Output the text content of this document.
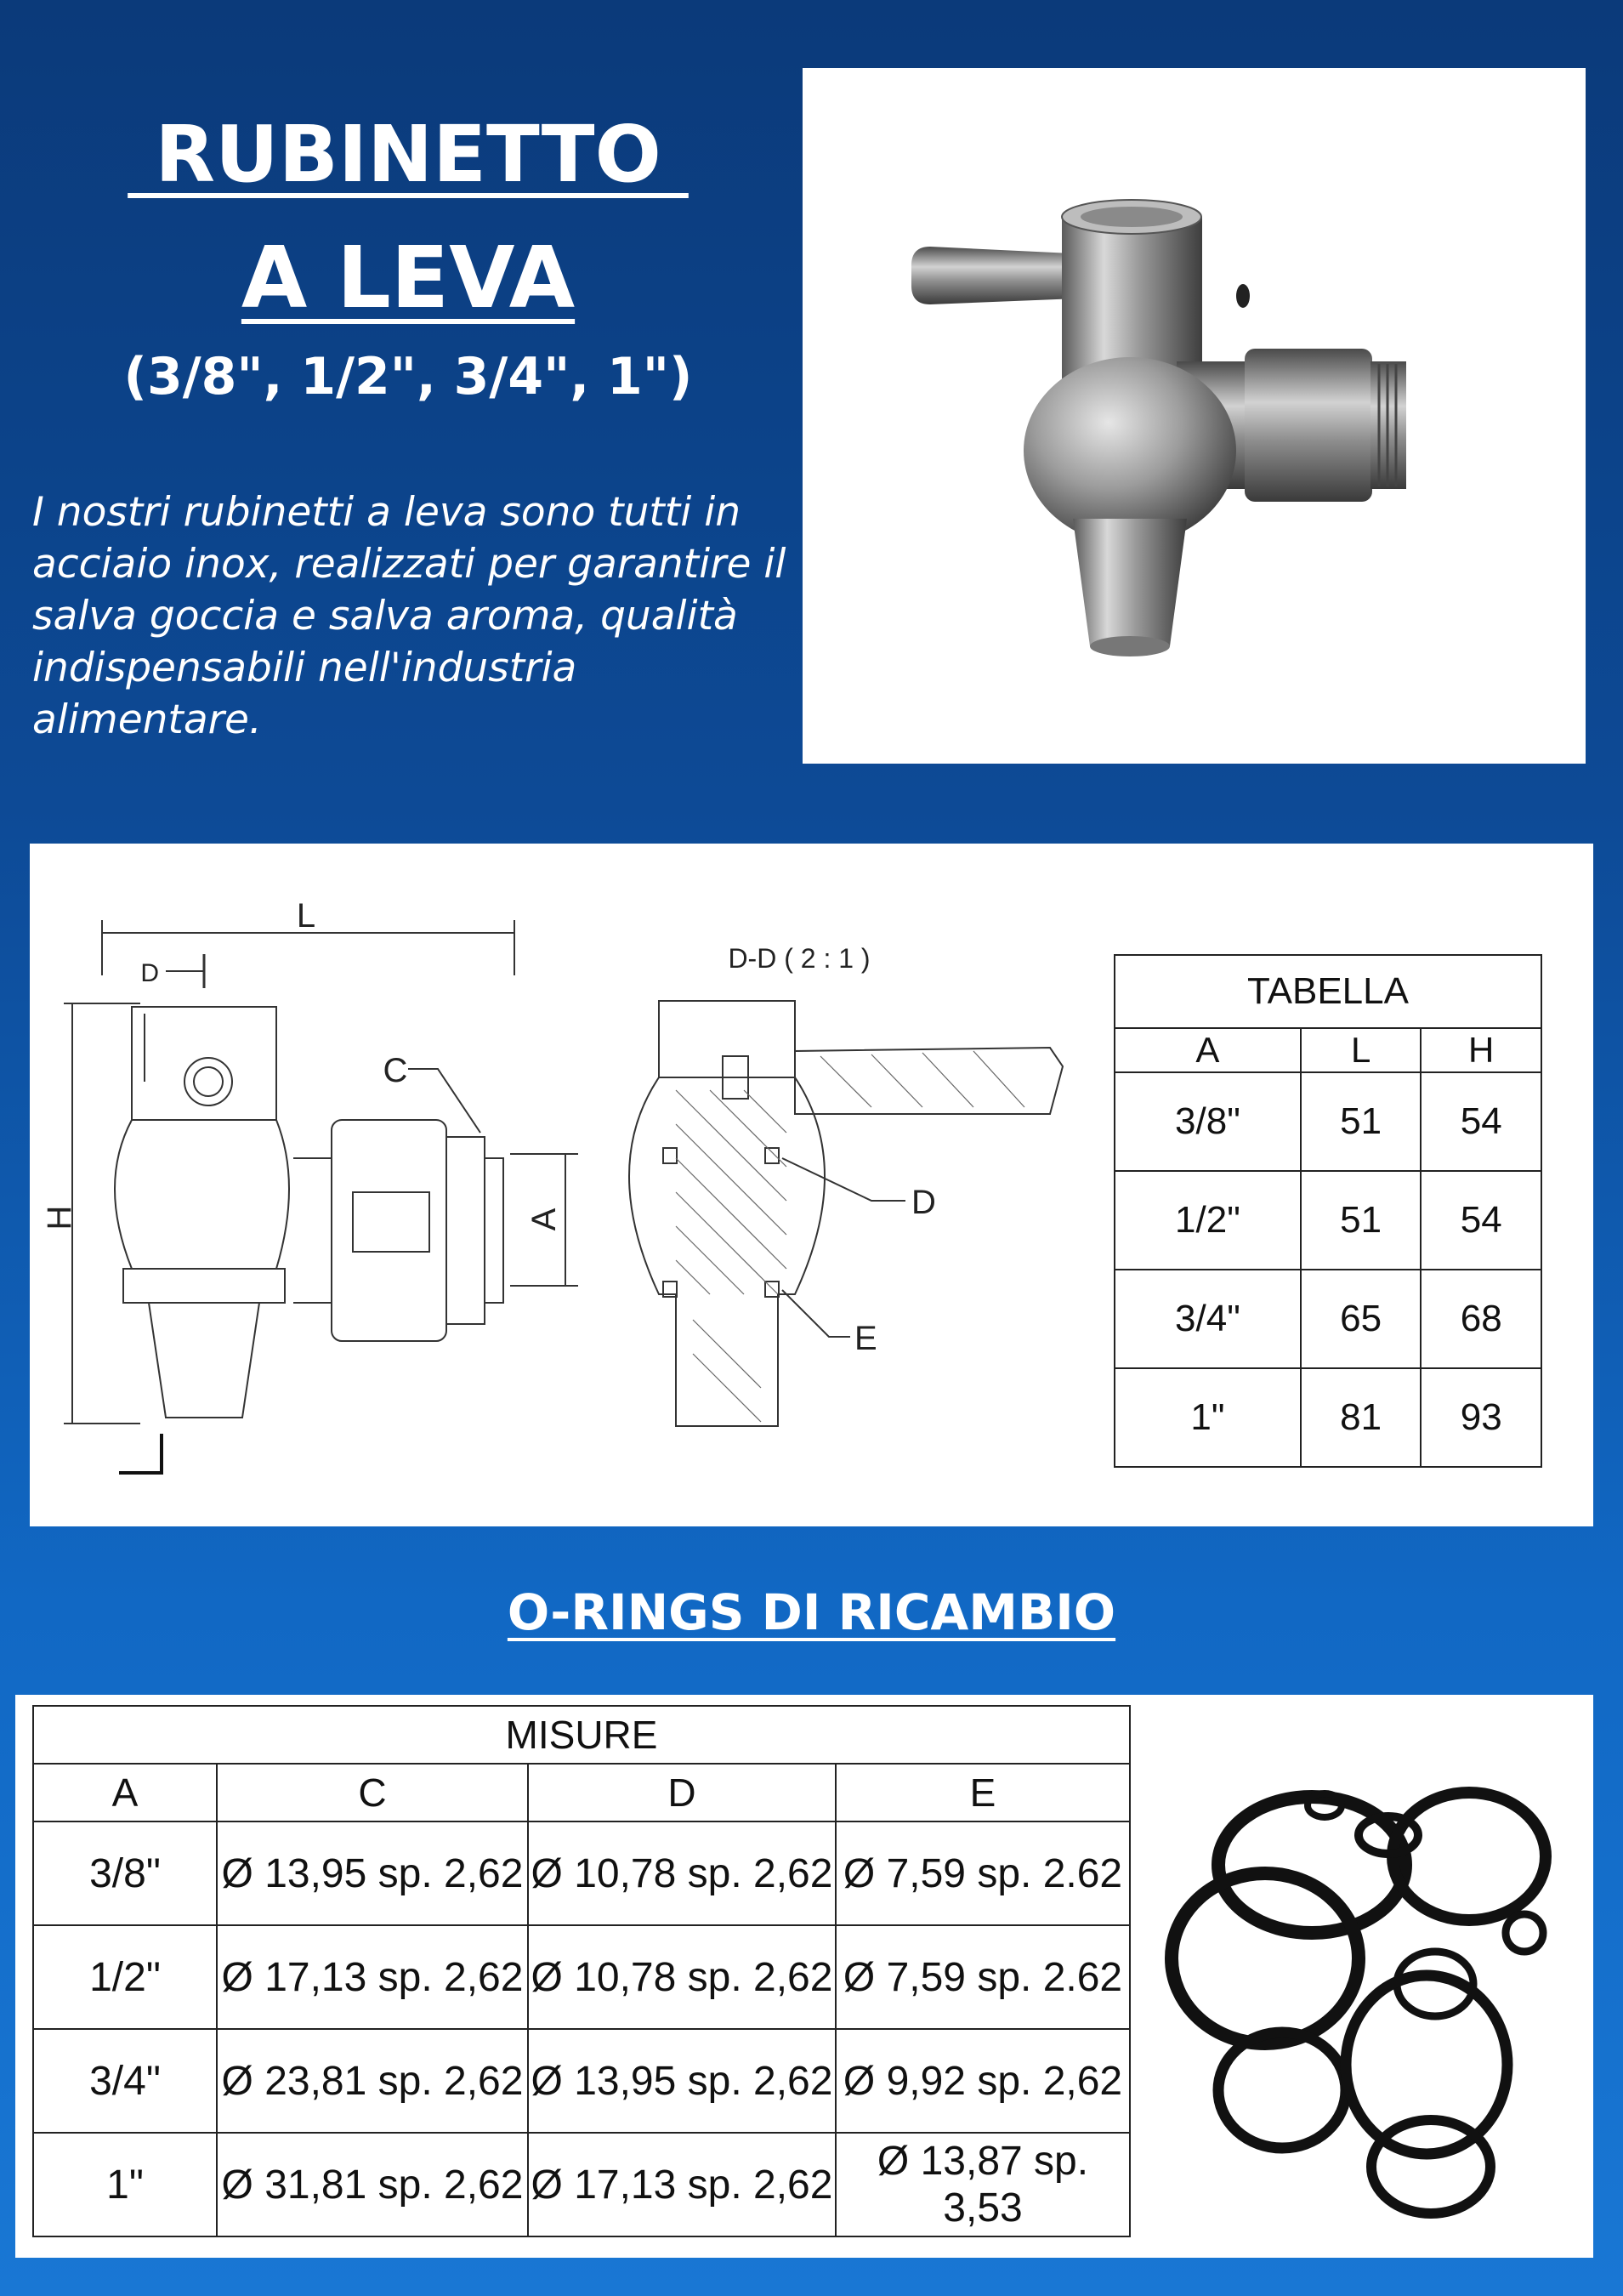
RUBINETTO
A LEVA
(3/8", 1/2", 3/4", 1")
I nostri rubinetti a leva sono tutti in acciaio inox, realizzati per garantire il salva goccia e salva aroma, qualità indispensabili nell'industria alimentare.
L
D
H
C
A
D-D ( 2 : 1 )
D
E
TABELLA		
A	L	H
3/8"	51	54
1/2"	51	54
3/4"	65	68
1"	81	93
O-RINGS DI RICAMBIO
MISURE			
A	C	D	E
3/8"	Ø 13,95 sp. 2,62	Ø 10,78 sp. 2,62	Ø 7,59 sp. 2.62
1/2"	Ø 17,13 sp. 2,62	Ø 10,78 sp. 2,62	Ø 7,59 sp. 2.62
3/4"	Ø 23,81 sp. 2,62	Ø 13,95 sp. 2,62	Ø 9,92 sp. 2,62
1"	Ø 31,81 sp. 2,62	Ø 17,13 sp. 2,62	Ø 13,87 sp. 3,53
